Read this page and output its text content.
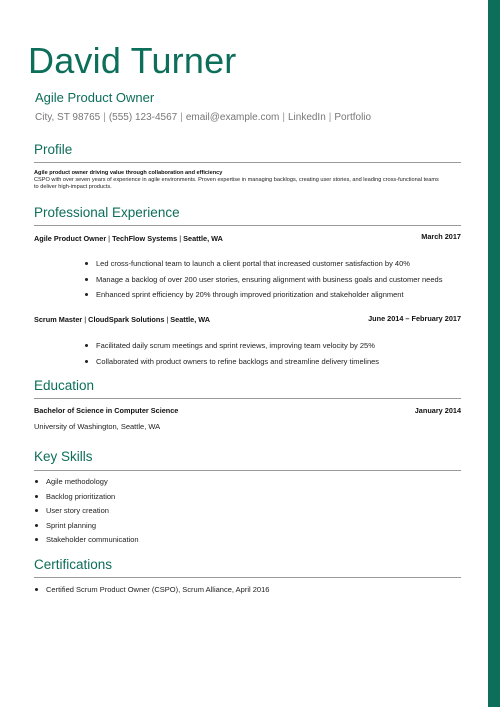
David Turner
Agile Product Owner
City, ST 98765 | (555) 123-4567 | email@example.com | LinkedIn | Portfolio
Profile
Agile product owner driving value through collaboration and efficiency
CSPO with over seven years of experience in agile environments. Proven expertise in managing backlogs, creating user stories, and leading cross-functional teams to deliver high-impact products.
Professional Experience
Agile Product Owner | TechFlow Systems | Seattle, WA	March 2017
Led cross-functional team to launch a client portal that increased customer satisfaction by 40%
Manage a backlog of over 200 user stories, ensuring alignment with business goals and customer needs
Enhanced sprint efficiency by 20% through improved prioritization and stakeholder alignment
Scrum Master | CloudSpark Solutions | Seattle, WA	June 2014 – February 2017
Facilitated daily scrum meetings and sprint reviews, improving team velocity by 25%
Collaborated with product owners to refine backlogs and streamline delivery timelines
Education
Bachelor of Science in Computer Science	January 2014
University of Washington, Seattle, WA
Key Skills
Agile methodology
Backlog prioritization
User story creation
Sprint planning
Stakeholder communication
Certifications
Certified Scrum Product Owner (CSPO), Scrum Alliance, April 2016
